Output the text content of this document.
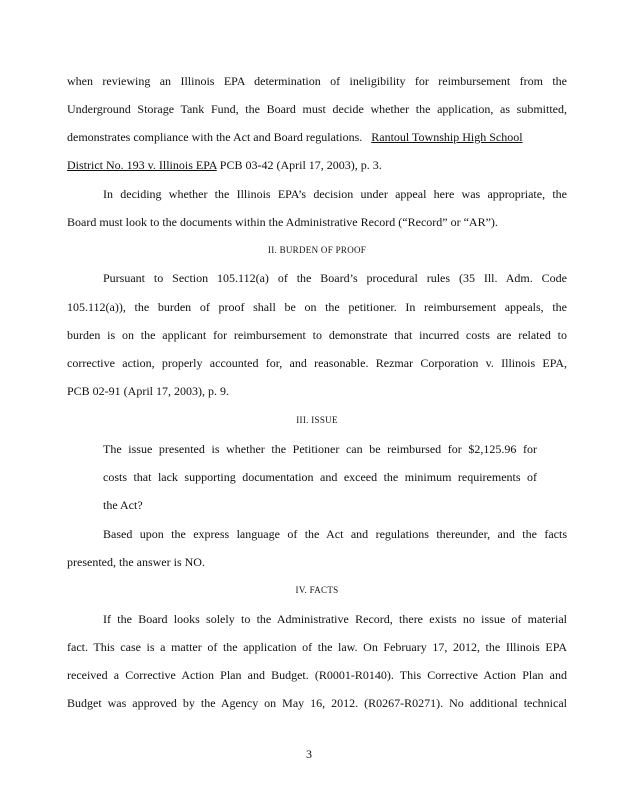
when reviewing an Illinois EPA determination of ineligibility for reimbursement from the
Underground Storage Tank Fund, the Board must decide whether the application, as submitted,
demonstrates compliance with the Act and Board regulations. Rantoul Township High School
District No. 193 v. Illinois EPA PCB 03-42 (April 17, 2003), p. 3.
In deciding whether the Illinois EPA’s decision under appeal here was appropriate, the
Board must look to the documents within the Administrative Record (“Record” or “AR”).
II. BURDEN OF PROOF
Pursuant to Section 105.112(a) of the Board’s procedural rules (35 Ill. Adm. Code
105.112(a)), the burden of proof shall be on the petitioner. In reimbursement appeals, the
burden is on the applicant for reimbursement to demonstrate that incurred costs are related to
corrective action, properly accounted for, and reasonable. Rezmar Corporation v. Illinois EPA,
PCB 02-91 (April 17, 2003), p. 9.
III. ISSUE
The issue presented is whether the Petitioner can be reimbursed for $2,125.96 for
costs that lack supporting documentation and exceed the minimum requirements of
the Act?
Based upon the express language of the Act and regulations thereunder, and the facts
presented, the answer is NO.
IV. FACTS
If the Board looks solely to the Administrative Record, there exists no issue of material
fact. This case is a matter of the application of the law. On February 17, 2012, the Illinois EPA
received a Corrective Action Plan and Budget. (R0001-R0140). This Corrective Action Plan and
Budget was approved by the Agency on May 16, 2012. (R0267-R0271). No additional technical
3
